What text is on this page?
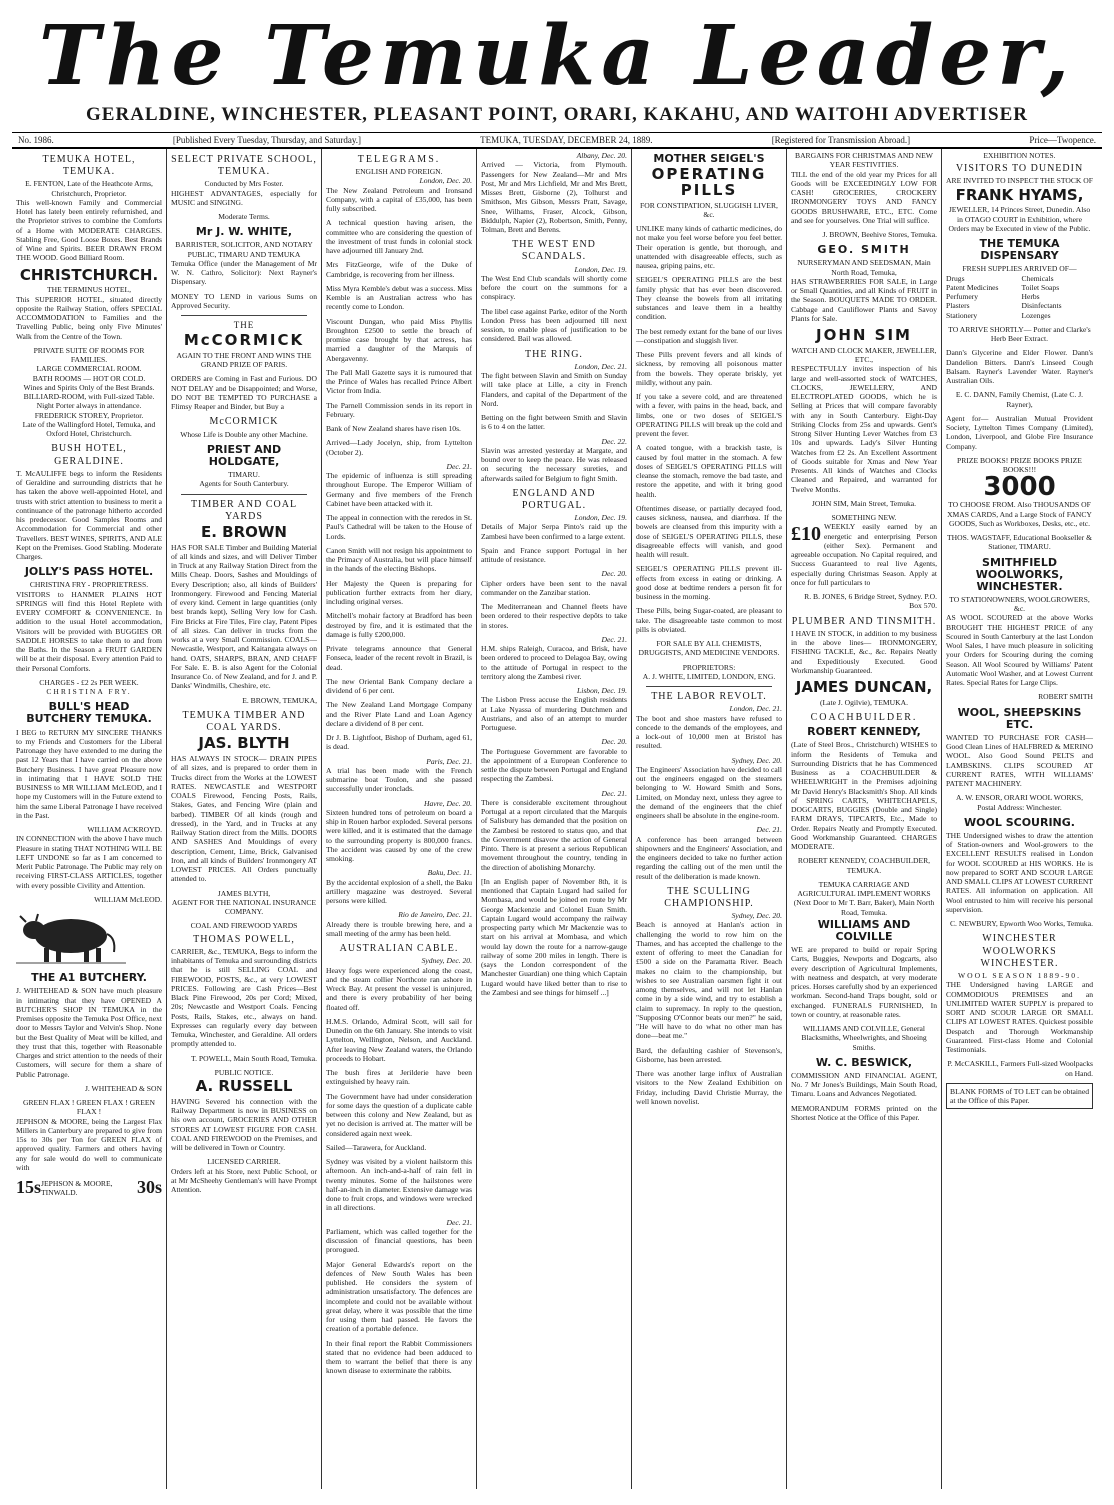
The Temuka Leader,
GERALDINE, WINCHESTER, PLEASANT POINT, ORARI, KAKAHU, AND WAITOHI ADVERTISER
No. 1986.	[Published Every Tuesday, Thursday, and Saturday.]	TEMUKA, TUESDAY, DECEMBER 24, 1889.	[Registered for Transmission Abroad.]	Price—Twopence.
TEMUKA HOTEL, TEMUKA.
E. FENTON, Late of the Heathcote Arms, Christchurch, Proprietor.
This well-known Family and Commercial Hotel has lately been entirely refurnished, and the Proprietor strives to combine the Comforts of a Home with MODERATE CHARGES. Stabling Free, Good Loose Boxes. Best Brands of Wine and Spirits. BEER DRAWN FROM THE WOOD. Good Billiard Room.
CHRISTCHURCH.
THE TERMINUS HOTEL,
This SUPERIOR HOTEL, situated directly opposite the Railway Station, offers SPECIAL ACCOMMODATION to Families and the Travelling Public, being only Five Minutes' Walk from the Centre of the Town.
PRIVATE SUITE OF ROOMS FOR FAMILIES.
LARGE COMMERCIAL ROOM.
BATH ROOMS — HOT OR COLD.
Wines and Spirits Only of the Best Brands.
BILLIARD-ROOM, with Full-sized Table. Night Porter always in attendance.
FREDERICK STOREY, Proprietor.
Late of the Wallingford Hotel, Temuka, and Oxford Hotel, Christchurch.
BUSH HOTEL, GERALDINE.
T. McAULIFFE begs to inform the Residents of Geraldine and surrounding districts that he has taken the above well-appointed Hotel, and trusts with strict attention to business to merit a continuance of the patronage hitherto accorded his predecessor. Good Samples Rooms and Accommodation for Commercial and other Travellers. BEST WINES, SPIRITS, AND ALE Kept on the Premises. Good Stabling. Moderate Charges.
JOLLY'S PASS HOTEL.
CHRISTINA FRY - PROPRIETRESS.
VISITORS to HANMER PLAINS HOT SPRINGS will find this Hotel Replete with EVERY COMFORT & CONVENIENCE. In addition to the usual Hotel accommodation, Visitors will be provided with BUGGIES OR SADDLE HORSES to take them to and from the Baths. In the Season a FRUIT GARDEN will be at their disposal. Every attention Paid to their Personal Comforts.
CHARGES - £2 2s PER WEEK.
CHRISTINA FRY.
BULL'S HEAD BUTCHERY TEMUKA.
I BEG to RETURN MY SINCERE THANKS to my Friends and Customers for the Liberal Patronage they have extended to me during the past 12 Years that I have carried on the above Butchery Business. I have great Pleasure now in intimating that I HAVE SOLD THE BUSINESS to MR WILLIAM McLEOD, and I hope my Customers will in the Future extend to him the same Liberal Patronage I have received in the Past.
WILLIAM ACKROYD.
IN CONNECTION with the above I have much Pleasure in stating THAT NOTHING WILL BE LEFT UNDONE so far as I am concerned to Merit Public Patronage. The Public may rely on receiving FIRST-CLASS ARTICLES, together with every possible Civility and Attention.
WILLIAM McLEOD.
THE A1 BUTCHERY.
J. WHITEHEAD & SON have much pleasure in intimating that they have OPENED A BUTCHER'S SHOP IN TEMUKA in the Premises opposite the Temuka Post Office, next door to Messrs Taylor and Velvin's Shop. None but the Best Quality of Meat will be killed, and they trust that this, together with Reasonable Charges and strict attention to the needs of their Customers, will secure for them a share of Public Patronage.
J. WHITEHEAD & SON
GREEN FLAX ! GREEN FLAX ! GREEN FLAX !
JEPHSON & MOORE, being the Largest Flax Millers in Canterbury are prepared to give from 15s to 30s per Ton for GREEN FLAX of approved quality. Farmers and others having any for sale would do well to communicate with
15s JEPHSON & MOORE, TINWALD.	30s
SELECT PRIVATE SCHOOL, TEMUKA.
Conducted by Mrs Foster.
HIGHEST ADVANTAGES, especially for MUSIC and SINGING.
Moderate Terms.
Mr J. W. WHITE,
BARRISTER, SOLICITOR, AND NOTARY PUBLIC, TIMARU AND TEMUKA
Temuka Office (under the Management of Mr W. N. Cathro, Solicitor): Next Rayner's Dispensary.
MONEY TO LEND in various Sums on Approved Security.
THE
McCORMICK
AGAIN TO THE FRONT AND WINS THE GRAND PRIZE OF PARIS.
ORDERS are Coming in Fast and Furious. DO NOT DELAY and be Disappointed; and Worse, DO NOT BE TEMPTED TO PURCHASE a Flimsy Reaper and Binder, but Buy a
McCORMICK
Whose Life is Double any other Machine.
PRIEST AND HOLDGATE,
TIMARU.
Agents for South Canterbury.
TIMBER AND COAL YARDS
E. BROWN
HAS FOR SALE Timber and Building Material of all kinds and sizes, and will Deliver Timber in Truck at any Railway Station Direct from the Mills Cheap. Doors, Sashes and Mouldings of Every Description; also, all kinds of Builders' Ironmongery. Firewood and Fencing Material of every kind. Cement in large quantities (only best brands kept), Selling Very low for Cash. Fire Bricks at Fire Tiles, Fire clay, Patent Pipes of all sizes. Can deliver in trucks from the works at a very Small Commission. COALS—Newcastle, Westport, and Kaitangata always on hand. OATS, SHARPS, BRAN, AND CHAFF For Sale. E. B. is also Agent for the Colonial Insurance Co. of New Zealand, and for J. and P. Danks' Windmills, Cheshire, etc.
E. BROWN, TEMUKA,
TEMUKA TIMBER AND COAL YARDS.
JAS. BLYTH
HAS ALWAYS IN STOCK— DRAIN PIPES of all sizes, and is prepared to order them in Trucks direct from the Works at the LOWEST RATES. NEWCASTLE and WESTPORT COALS Firewood, Fencing Posts, Rails, Stakes, Gates, and Fencing Wire (plain and barbed). TIMBER Of all kinds (rough and dressed), in the Yard, and in Trucks at any Railway Station direct from the Mills. DOORS AND SASHES And Mouldings of every description, Cement, Lime, Brick, Galvanised Iron, and all kinds of Builders' Ironmongery AT LOWEST PRICES. All Orders punctually attended to.
JAMES BLYTH,
AGENT FOR THE NATIONAL INSURANCE COMPANY.
COAL AND FIREWOOD YARDS
THOMAS POWELL,
CARRIER, &c., TEMUKA, Begs to inform the inhabitants of Temuka and surrounding districts that he is still SELLING COAL and FIREWOOD, POSTS, &c., at very LOWEST PRICES. Following are Cash Prices—Best Black Pine Firewood, 20s per Cord; Mixed, 20s; Newcastle and Westport Coals. Fencing Posts, Rails, Stakes, etc., always on hand. Expresses can regularly every day between Temuka, Winchester, and Geraldine. All orders promptly attended to.
T. POWELL, Main South Road, Temuka.
PUBLIC NOTICE.
A. RUSSELL
HAVING Severed his connection with the Railway Department is now in BUSINESS on his own account, GROCERIES AND OTHER STORES AT LOWEST FIGURE FOR CASH. COAL AND FIREWOOD on the Premises, and will be delivered in Town or Country.
LICENSED CARRIER.
Orders left at his Store, next Public School, or at Mr McSheehy Gentleman's will have Prompt Attention.
TELEGRAMS.
ENGLISH AND FOREIGN.
London, Dec. 20.
The New Zealand Petroleum and Ironsand Company, with a capital of £35,000, has been fully subscribed.
A technical question having arisen, the committee who are considering the question of the investment of trust funds in colonial stock have adjourned till January 2nd.
Mrs FitzGeorge, wife of the Duke of Cambridge, is recovering from her illness.
Miss Myra Kemble's debut was a success. Miss Kemble is an Australian actress who has recently come to London.
Viscount Dungan, who paid Miss Phyllis Broughton £2500 to settle the breach of promise case brought by that actress, has married a daughter of the Marquis of Abergavenny.
The Pall Mall Gazette says it is rumoured that the Prince of Wales has recalled Prince Albert Victor from India.
The Parnell Commission sends in its report in February.
Bank of New Zealand shares have risen 10s.
Arrived—Lady Jocelyn, ship, from Lyttelton (October 2).
Dec. 21.
The epidemic of influenza is still spreading throughout Europe. The Emperor William of Germany and five members of the French Cabinet have been attacked with it.
The appeal in connection with the reredos in St. Paul's Cathedral will be taken to the House of Lords.
Canon Smith will not resign his appointment to the Primacy of Australia, but will place himself in the hands of the electing Bishops.
Her Majesty the Queen is preparing for publication further extracts from her diary, including original verses.
Mitchell's mohair factory at Bradford has been destroyed by fire, and it is estimated that the damage is fully £200,000.
Private telegrams announce that General Fonseca, leader of the recent revolt in Brazil, is dead.
The new Oriental Bank Company declare a dividend of 6 per cent.
The New Zealand Land Mortgage Company and the River Plate Land and Loan Agency declare a dividend of 8 per cent.
Dr J. B. Lightfoot, Bishop of Durham, aged 61, is dead.
Paris, Dec. 21.
A trial has been made with the French submarine boat Toulon, and she passed successfully under ironclads.
Havre, Dec. 20.
Sixteen hundred tons of petroleum on board a ship in Rouen harbor exploded. Several persons were killed, and it is estimated that the damage to the surrounding property is 800,000 francs. The accident was caused by one of the crew smoking.
Baku, Dec. 11.
By the accidental explosion of a shell, the Baku artillery magazine was destroyed. Several persons were killed.
Rio de Janeiro, Dec. 21.
Already there is trouble brewing here, and a small meeting of the army has been held.
AUSTRALIAN CABLE.
Sydney, Dec. 20.
Heavy fogs were experienced along the coast, and the steam collier Northcote ran ashore in Wreck Bay. At present the vessel is uninjured, and there is every probability of her being floated off.
H.M.S. Orlando, Admiral Scott, will sail for Dunedin on the 6th January. She intends to visit Lyttelton, Wellington, Nelson, and Auckland. After leaving New Zealand waters, the Orlando proceeds to Hobart.
The bush fires at Jerilderie have been extinguished by heavy rain.
The Government have had under consideration for some days the question of a duplicate cable between this colony and New Zealand, but as yet no decision is arrived at. The matter will be considered again next week.
Sailed—Tarawera, for Auckland.
Sydney was visited by a violent hailstorm this afternoon. An inch-and-a-half of rain fell in twenty minutes. Some of the hailstones were half-an-inch in diameter. Extensive damage was done to fruit crops, and windows were wrecked in all directions.
Dec. 21.
Parliament, which was called together for the discussion of financial questions, has been prorogued.
Major General Edwards's report on the defences of New South Wales has been published. He considers the system of administration unsatisfactory. The defences are incomplete and could not be available without great delay, where it was possible that the time for using them had passed. He favors the creation of a portable defence.
In their final report the Rabbit Commissioners stated that no evidence had been adduced to them to warrant the belief that there is any known disease to exterminate the rabbits.
Albany, Dec. 20.
Arrived — Victoria, from Plymouth. Passengers for New Zealand—Mr and Mrs Post, Mr and Mrs Lichfield, Mr and Mrs Brett, Misses Brett, Gisborne (2), Tolhurst and Smithson, Mrs Gibson, Messrs Pratt, Savage, Snee, Wilhams, Fraser, Alcock, Gibson, Biddulph, Napier (2), Robertson, Smith, Penny, Tolman, Brett and Berens.
THE WEST END SCANDALS.
London, Dec. 19.
The West End Club scandals will shortly come before the court on the summons for a conspiracy.
The libel case against Parke, editor of the North London Press has been adjourned till next session, to enable pleas of justification to be considered. Bail was allowed.
THE RING.
London, Dec. 21.
The fight between Slavin and Smith on Sunday will take place at Lille, a city in French Flanders, and capital of the Department of the Nord.
Betting on the fight between Smith and Slavin is 6 to 4 on the latter.
Dec. 22.
Slavin was arrested yesterday at Margate, and bound over to keep the peace. He was released on securing the necessary sureties, and afterwards sailed for Belgium to fight Smith.
ENGLAND AND PORTUGAL.
London, Dec. 19.
Details of Major Serpa Pinto's raid up the Zambesi have been confirmed to a large extent.
Spain and France support Portugal in her attitude of resistance.
Dec. 20.
Cipher orders have been sent to the naval commander on the Zanzibar station.
The Mediterranean and Channel fleets have been ordered to their respective depôts to take in stores.
Dec. 21.
H.M. ships Raleigh, Curacoa, and Brisk, have been ordered to proceed to Delagoa Bay, owing to the attitude of Portugal in respect to the territory along the Zambesi river.
Lisbon, Dec. 19.
The Lisbon Press accuse the English residents at Lake Nyassa of murdering Dutchmen and Austrians, and also of an attempt to murder Portuguese.
Dec. 20.
The Portuguese Government are favorable to the appointment of a European Conference to settle the dispute between Portugal and England respecting the Zambesi.
Dec. 21.
There is considerable excitement throughout Portugal at a report circulated that the Marquis of Salisbury has demanded that the position on the Zambesi be restored to status quo, and that the Government disavow the action of General Pinto. There is at present a serious Republican movement throughout the country, tending in the direction of abolishing Monarchy.
[In an English paper of November 8th, it is mentioned that Captain Lugard had sailed for Mombasa, and would be joined en route by Mr George Mackenzie and Colonel Euan Smith. Captain Lugard would accompany the railway prospecting party which Mr Mackenzie was to start on his arrival at Mombasa, and which would lay down the route for a narrow-gauge railway of some 200 miles in length. There is (says the London correspondent of the Manchester Guardian) one thing which Captain Lugard would have liked better than to rise to the Zambesi and see things for himself ...]
MOTHER SEIGEL'S
OPERATING PILLS
FOR CONSTIPATION, SLUGGISH LIVER, &c.
UNLIKE many kinds of cathartic medicines, do not make you feel worse before you feel better. Their operation is gentle, but thorough, and unattended with disagreeable effects, such as nausea, griping pains, etc.
SEIGEL'S OPERATING PILLS are the best family physic that has ever been discovered. They cleanse the bowels from all irritating substances and leave them in a healthy condition.
The best remedy extant for the bane of our lives—constipation and sluggish liver.
These Pills prevent fevers and all kinds of sickness, by removing all poisonous matter from the bowels. They operate briskly, yet mildly, without any pain.
If you take a severe cold, and are threatened with a fever, with pains in the head, back, and limbs, one or two doses of SEIGEL'S OPERATING PILLS will break up the cold and prevent the fever.
A coated tongue, with a brackish taste, is caused by foul matter in the stomach. A few doses of SEIGEL'S OPERATING PILLS will cleanse the stomach, remove the bad taste, and restore the appetite, and with it bring good health.
Oftentimes disease, or partially decayed food, causes sickness, nausea, and diarrhœa. If the bowels are cleansed from this impurity with a dose of SEIGEL'S OPERATING PILLS, these disagreeable effects will vanish, and good health will result.
SEIGEL'S OPERATING PILLS prevent ill-effects from excess in eating or drinking. A good dose at bedtime renders a person fit for business in the morning.
These Pills, being Sugar-coated, are pleasant to take. The disagreeable taste common to most pills is obviated.
FOR SALE BY ALL CHEMISTS, DRUGGISTS, AND MEDICINE VENDORS.
PROPRIETORS:
A. J. WHITE, LIMITED, LONDON, ENG.
THE LABOR REVOLT.
London, Dec. 21.
The boot and shoe masters have refused to concede to the demands of the employees, and a lock-out of 10,000 men at Bristol has resulted.
Sydney, Dec. 20.
The Engineers' Association have decided to call out the engineers engaged on the steamers belonging to W. Howard Smith and Sons, Limited, on Monday next, unless they agree to the demand of the engineers that the chief engineers shall be absolute in the engine-room.
Dec. 21.
A conference has been arranged between shipowners and the Engineers' Association, and the engineers decided to take no further action regarding the calling out of the men until the result of the deliberation is made known.
THE SCULLING CHAMPIONSHIP.
Sydney, Dec. 20.
Beach is annoyed at Hanlan's action in challenging the world to row him on the Thames, and has accepted the challenge to the extent of offering to meet the Canadian for £500 a side on the Paramatta River. Beach makes no claim to the championship, but wishes to see Australian oarsmen fight it out among themselves, and will not let Hanlan come in by a side wind, and try to establish a claim to supremacy. In reply to the question, "Supposing O'Connor beats our men?" he said, "He will have to do what no other man has done—beat me."
Bard, the defaulting cashier of Stevenson's, Gisborne, has been arrested.
There was another large influx of Australian visitors to the New Zealand Exhibition on Friday, including David Christie Murray, the well known novelist.
BARGAINS FOR CHRISTMAS AND NEW YEAR FESTIVITIES.
TILL the end of the old year my Prices for all Goods will be EXCEEDINGLY LOW FOR CASH! GROCERIES, CROCKERY IRONMONGERY TOYS AND FANCY GOODS BRUSHWARE, ETC., ETC. Come and see for yourselves. One Trial will suffice.
J. BROWN, Beehive Stores, Temuka.
GEO. SMITH
NURSERYMAN AND SEEDSMAN, Main North Road, Temuka,
HAS STRAWBERRIES FOR SALE, in Large or Small Quantities, and all Kinds of FRUIT in the Season. BOUQUETS MADE TO ORDER. Cabbage and Cauliflower Plants and Savoy Plants for Sale.
JOHN SIM
WATCH AND CLOCK MAKER, JEWELLER, ETC.,
RESPECTFULLY invites inspection of his large and well-assorted stock of WATCHES, CLOCKS, JEWELLERY, AND ELECTROPLATED GOODS, which he is Selling at Prices that will compare favorably with any in South Canterbury. Eight-Day Striking Clocks from 25s and upwards. Gent's Strong Silver Hunting Lever Watches from £3 10s and upwards. Lady's Silver Hunting Watches from £2 2s. An Excellent Assortment of Goods suitable for Xmas and New Year Presents. All kinds of Watches and Clocks Cleaned and Repaired, and warranted for Twelve Months.
JOHN SIM, Main Street, Temuka.
SOMETHING NEW.
£10 WEEKLY easily earned by an energetic and enterprising Person (either Sex). Permanent and agreeable occupation. No Capital required, and Success Guaranteed to real live Agents, especially during Christmas Season. Apply at once for full particulars to
R. B. JONES, 6 Bridge Street, Sydney. P.O. Box 570.
PLUMBER AND TINSMITH.
I HAVE IN STOCK, in addition to my business in the above lines— IRONMONGERY, FISHING TACKLE, &c., &c. Repairs Neatly and Expeditiously Executed. Good Workmanship Guaranteed.
JAMES DUNCAN,
(Late J. Ogilvie), TEMUKA.
COACHBUILDER.
ROBERT KENNEDY,
(Late of Steel Bros., Christchurch) WISHES to inform the Residents of Temuka and Surrounding Districts that he has Commenced Business as a COACHBUILDER & WHEELWRIGHT in the Premises adjoining Mr David Henry's Blacksmith's Shop. All kinds of SPRING CARTS, WHITECHAPELS, DOGCARTS, BUGGIES (Double and Single) FARM DRAYS, TIPCARTS, Etc., Made to Order. Repairs Neatly and Promptly Executed. Good Workmanship Guaranteed. CHARGES MODERATE.
ROBERT KENNEDY, COACHBUILDER, TEMUKA.
TEMUKA CARRIAGE AND AGRICULTURAL IMPLEMENT WORKS (Next Door to Mr T. Barr, Baker), Main North Road, Temuka.
WILLIAMS AND COLVILLE
WE are prepared to build or repair Spring Carts, Buggies, Newports and Dogcarts, also every description of Agricultural Implements, with neatness and despatch, at very moderate prices. Horses carefully shod by an experienced workman. Second-hand Traps bought, sold or exchanged. FUNERALS FURNISHED, In town or country, at reasonable rates.
WILLIAMS AND COLVILLE, General Blacksmiths, Wheelwrights, and Shoeing Smiths.
W. C. BESWICK,
COMMISSION AND FINANCIAL AGENT, No. 7 Mr Jones's Buildings, Main South Road, Timaru. Loans and Advances Negotiated.
MEMORANDUM FORMS printed on the Shortest Notice at the Office of this Paper.
EXHIBITION NOTES.
VISITORS TO DUNEDIN
ARE INVITED TO INSPECT THE STOCK OF
FRANK HYAMS,
JEWELLER, 14 Princes Street, Dunedin. Also in OTAGO COURT in Exhibition, where Orders may be Executed in view of the Public.
THE TEMUKA DISPENSARY
FRESH SUPPLIES ARRIVED OF—
Drugs	Chemicals
Patent Medicines	Toilet Soaps
Perfumery	Herbs
Plasters	Disinfectants
Stationery	Lozenges
TO ARRIVE SHORTLY— Potter and Clarke's Herb Beer Extract.
Dann's Glycerine and Elder Flower. Dann's Dandelion Bitters. Dann's Linseed Cough Balsam. Rayner's Lavender Water. Rayner's Australian Oils.
E. C. DANN, Family Chemist, (Late C. J. Rayner),
Agent for— Australian Mutual Provident Society, Lyttelton Times Company (Limited), London, Liverpool, and Globe Fire Insurance Company.
PRIZE BOOKS! PRIZE BOOKS PRIZE BOOKS!!!
3000
TO CHOOSE FROM. Also THOUSANDS OF XMAS CARDS, And a Large Stock of FANCY GOODS, Such as Workboxes, Desks, etc., etc.
THOS. WAGSTAFF, Educational Bookseller & Stationer, TIMARU.
SMITHFIELD WOOLWORKS, WINCHESTER.
TO STATIONOWNERS, WOOLGROWERS, &c.
AS WOOL SCOURED at the above Works BROUGHT THE HIGHEST PRICE of any Scoured in South Canterbury at the last London Wool Sales, I have much pleasure in soliciting your Orders for Scouring during the coming Season. All Wool Scoured by Williams' Patent Automatic Wool Washer, and at Lowest Current Rates. Special Rates for Large Clips.
ROBERT SMITH
WOOL, SHEEPSKINS ETC.
WANTED TO PURCHASE FOR CASH—Good Clean Lines of HALFBRED & MERINO WOOL. Also Good Sound PELTS and LAMBSKINS. CLIPS SCOURED AT CURRENT RATES, WITH WILLIAMS' PATENT MACHINERY.
A. W. ENSOR, ORARI WOOL WORKS, Postal Address: Winchester.
WOOL SCOURING.
THE Undersigned wishes to draw the attention of Station-owners and Wool-growers to the EXCELLENT RESULTS realised in London for WOOL SCOURED at HIS WORKS. He is now prepared to SORT AND SCOUR LARGE AND SMALL CLIPS AT LOWEST CURRENT RATES. All information on application. All Wool entrusted to him will receive his personal supervision.
C. NEWBURY, Epworth Woo Works, Temuka.
WINCHESTER WOOLWORKS WINCHESTER.
WOOL SEASON 1889-90.
THE Undersigned having LARGE and COMMODIOUS PREMISES and an UNLIMITED WATER SUPPLY is prepared to SORT AND SCOUR LARGE OR SMALL CLIPS AT LOWEST RATES. Quickest possible Despatch and Thorough Workmanship Guaranteed. First-class Home and Colonial Testimonials.
P. McCASKILL, Farmers Full-sized Woolpacks on Hand.
BLANK FORMS of TO LET can be obtained at the Office of this Paper.
